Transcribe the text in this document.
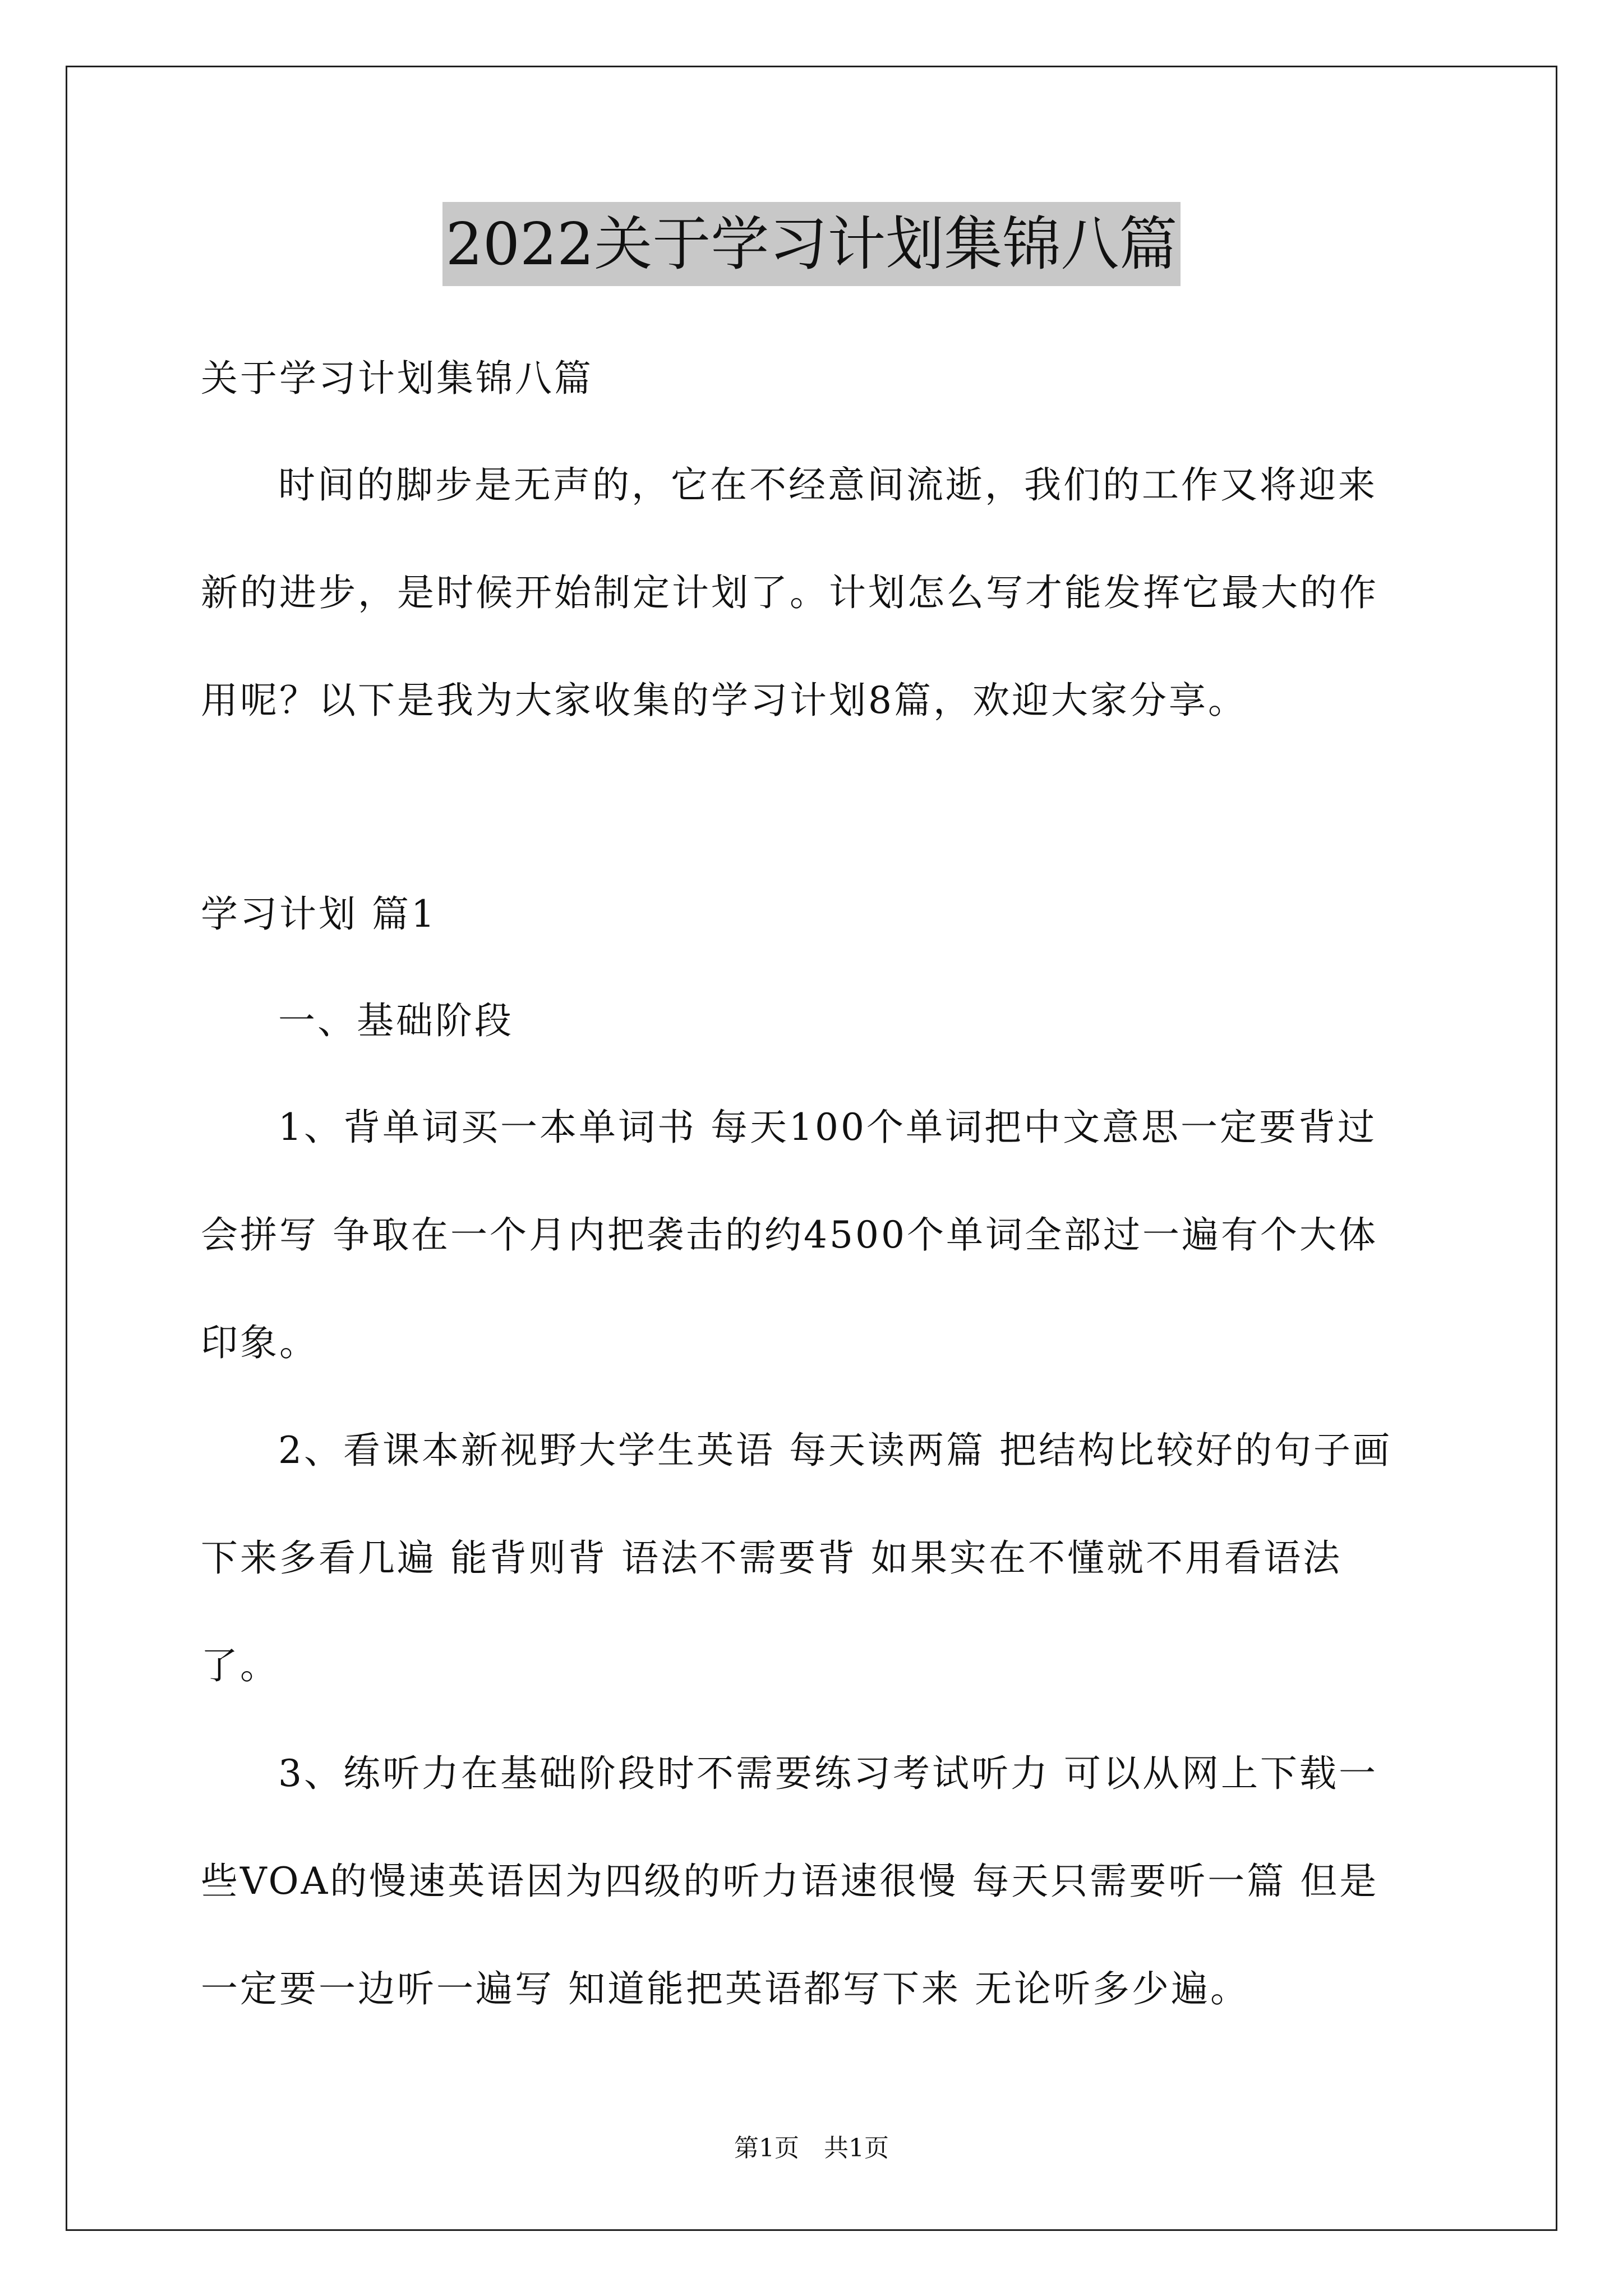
2022关于学习计划集锦八篇
关于学习计划集锦八篇
时间的脚步是无声的，它在不经意间流逝，我们的工作又将迎来
新的进步，是时候开始制定计划了。计划怎么写才能发挥它最大的作
用呢？以下是我为大家收集的学习计划8篇，欢迎大家分享。
学习计划 篇1
一、基础阶段
1、背单词买一本单词书 每天100个单词把中文意思一定要背过
会拼写 争取在一个月内把袭击的约4500个单词全部过一遍有个大体
印象。
2、看课本新视野大学生英语 每天读两篇 把结构比较好的句子画
下来多看几遍 能背则背 语法不需要背 如果实在不懂就不用看语法
了。
3、练听力在基础阶段时不需要练习考试听力 可以从网上下载一
些VOA的慢速英语因为四级的听力语速很慢 每天只需要听一篇 但是
一定要一边听一遍写 知道能把英语都写下来 无论听多少遍。
第1页　共1页
